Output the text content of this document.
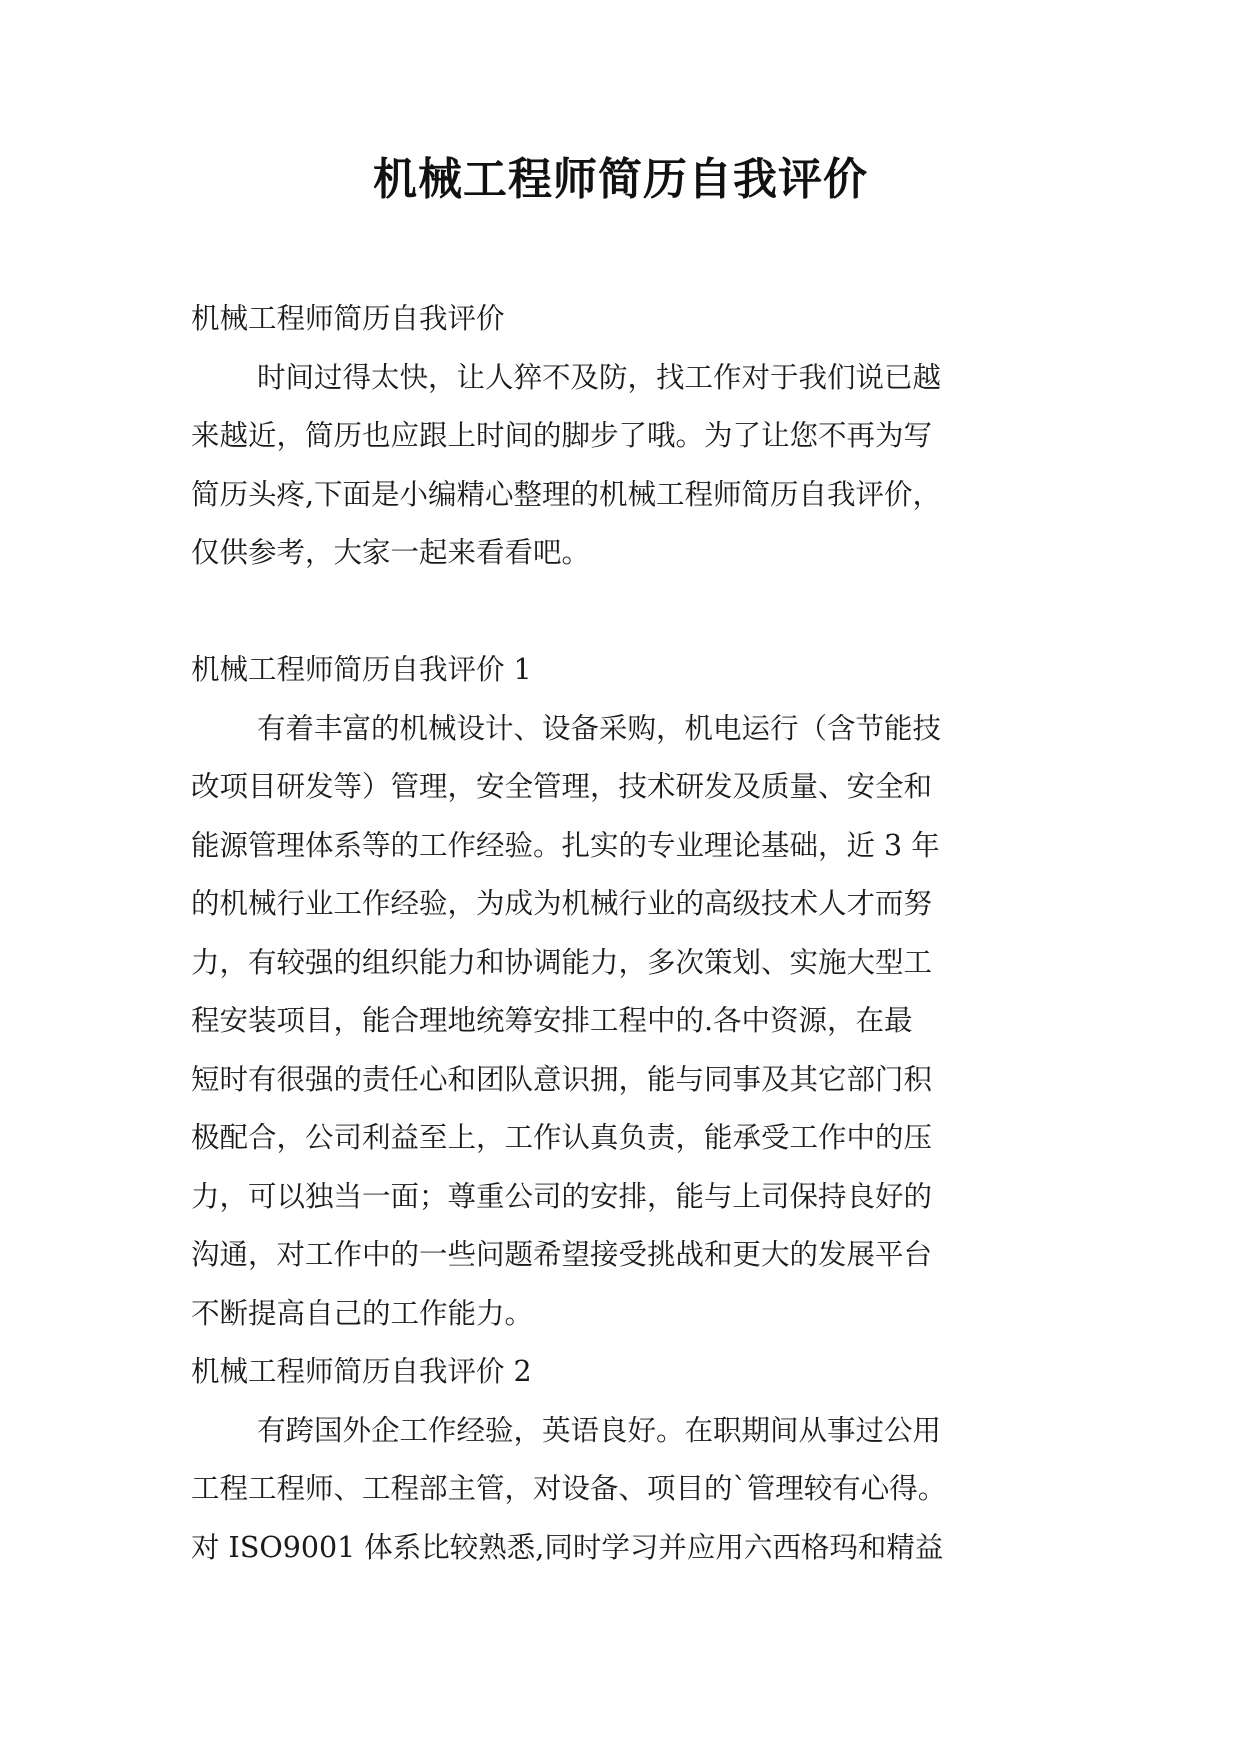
机械工程师简历自我评价
机械工程师简历自我评价
时间过得太快，让人猝不及防，找工作对于我们说已越
来越近，简历也应跟上时间的脚步了哦。为了让您不再为写
简历头疼,下面是小编精心整理的机械工程师简历自我评价，
仅供参考，大家一起来看看吧。
机械工程师简历自我评价 1
有着丰富的机械设计、设备采购，机电运行（含节能技
改项目研发等）管理，安全管理，技术研发及质量、安全和
能源管理体系等的工作经验。扎实的专业理论基础，近 3 年
的机械行业工作经验，为成为机械行业的高级技术人才而努
力，有较强的组织能力和协调能力，多次策划、实施大型工
程安装项目，能合理地统筹安排工程中的.各中资源，在最
短时有很强的责任心和团队意识拥，能与同事及其它部门积
极配合，公司利益至上，工作认真负责，能承受工作中的压
力，可以独当一面；尊重公司的安排，能与上司保持良好的
沟通，对工作中的一些问题希望接受挑战和更大的发展平台
不断提高自己的工作能力。
机械工程师简历自我评价 2
有跨国外企工作经验，英语良好。在职期间从事过公用
工程工程师、工程部主管，对设备、项目的`管理较有心得。
对 ISO9001 体系比较熟悉,同时学习并应用六西格玛和精益
